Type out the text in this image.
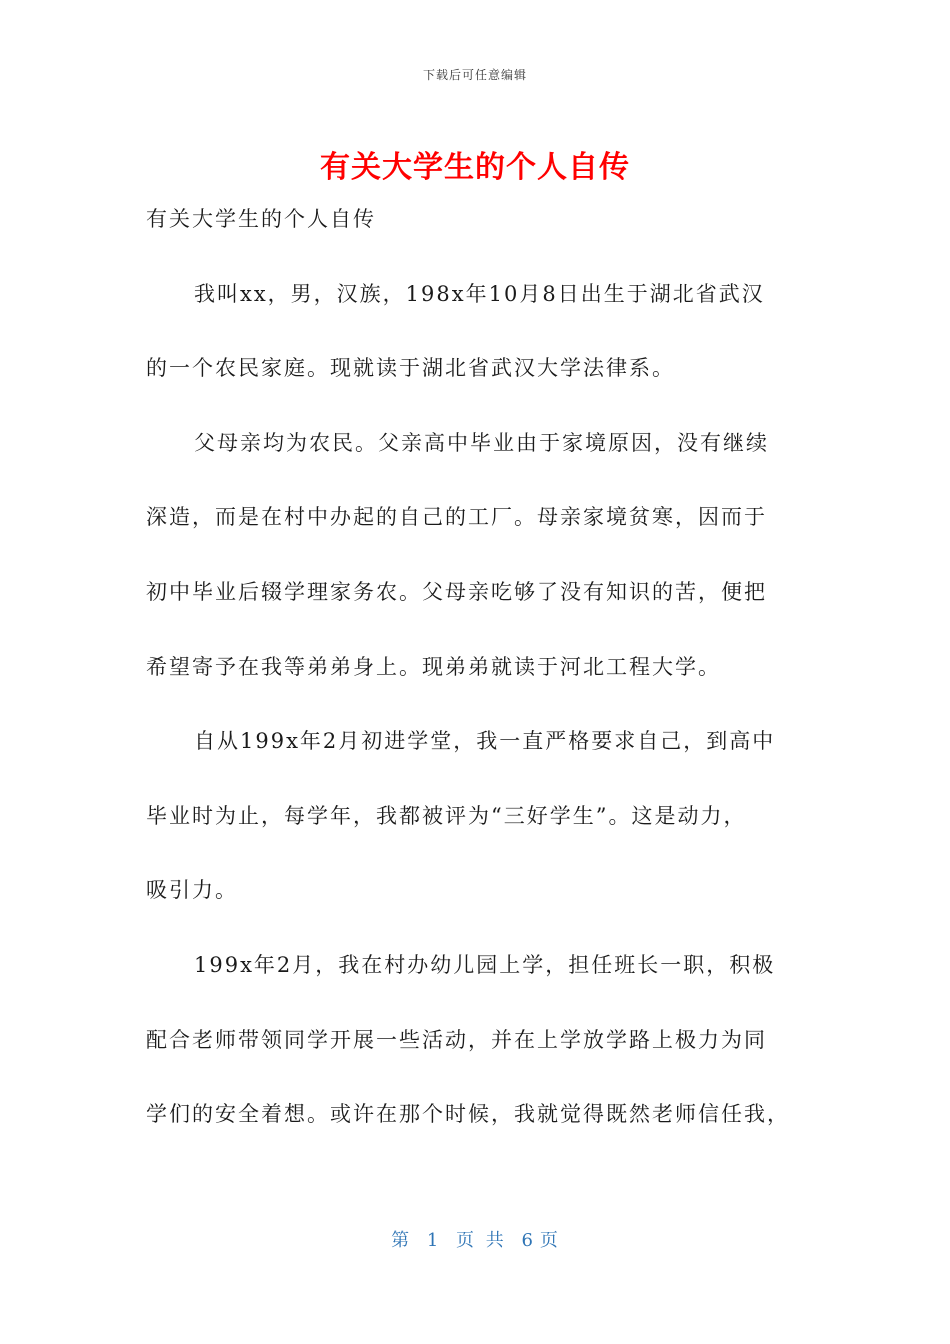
下载后可任意编辑
有关大学生的个人自传
有关大学生的个人自传
我叫xx，男，汉族，198x年10月8日出生于湖北省武汉
的一个农民家庭。现就读于湖北省武汉大学法律系。
父母亲均为农民。父亲高中毕业由于家境原因，没有继续
深造，而是在村中办起的自己的工厂。母亲家境贫寒，因而于
初中毕业后辍学理家务农。父母亲吃够了没有知识的苦，便把
希望寄予在我等弟弟身上。现弟弟就读于河北工程大学。
自从199x年2月初进学堂，我一直严格要求自己，到高中
毕业时为止，每学年，我都被评为“三好学生”。这是动力，
吸引力。
199x年2月，我在村办幼儿园上学，担任班长一职，积极
配合老师带领同学开展一些活动，并在上学放学路上极力为同
学们的安全着想。或许在那个时候，我就觉得既然老师信任我，
第 1 页 共 6 页
